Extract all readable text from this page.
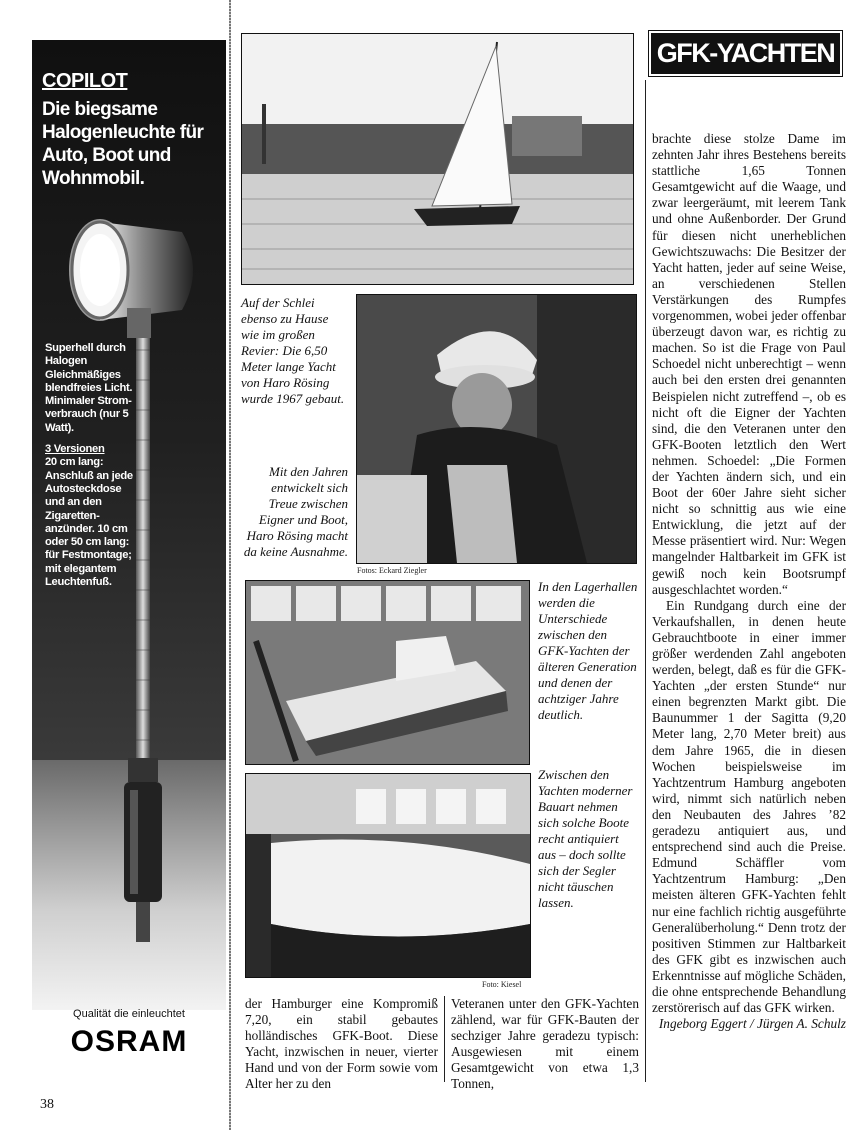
COPILOT
Die biegsame Halogenleuchte für Auto, Boot und Wohnmobil.
Superhell durch Halogen Gleichmäßiges blendfreies Licht. Minimaler Strom-verbrauch (nur 5 Watt).
3 Versionen
20 cm lang: Anschluß an jede Autosteckdose und an den Zigaretten-anzünder. 10 cm oder 50 cm lang: für Festmontage; mit elegantem Leuchtenfuß.
Qualität die einleuchtet
OSRAM
Auf der Schlei ebenso zu Hause wie im großen Revier: Die 6,50 Meter lange Yacht von Haro Rösing wurde 1967 gebaut.
Mit den Jahren entwickelt sich Treue zwischen Eigner und Boot, Haro Rösing macht da keine Ausnahme.
Fotos: Eckard Ziegler
In den Lagerhallen werden die Unterschiede zwischen den GFK-Yachten der älteren Generation und denen der achtziger Jahre deutlich.
Zwischen den Yachten moderner Bauart nehmen sich solche Boote recht antiquiert aus – doch sollte sich der Segler nicht täuschen lassen.
Foto: Kiesel
GFK-YACHTEN

der Hamburger eine Kompromiß 7,20, ein stabil gebautes holländisches GFK-Boot. Diese Yacht, inzwischen in neuer, vierter Hand und von der Form sowie vom Alter her zu den

Veteranen unter den GFK-Yachten zählend, war für GFK-Bauten der sechziger Jahre geradezu typisch: Ausgewiesen mit einem Gesamtgewicht von etwa 1,3 Tonnen,

brachte diese stolze Dame im zehnten Jahr ihres Bestehens bereits stattliche 1,65 Tonnen Gesamtgewicht auf die Waage, und zwar leergeräumt, mit leerem Tank und ohne Außenborder. Der Grund für diesen nicht unerheblichen Gewichtszuwachs: Die Besitzer der Yacht hatten, jeder auf seine Weise, an verschiedenen Stellen Verstärkungen des Rumpfes vorgenommen, wobei jeder offenbar überzeugt davon war, es richtig zu machen. So ist die Frage von Paul Schoedel nicht unberechtigt – wenn auch bei den ersten drei genannten Beispielen nicht zutreffend –, ob es nicht oft die Eigner der Yachten sind, die den Veteranen unter den GFK-Booten letztlich den Wert nehmen. Schoedel: „Die Formen der Yachten ändern sich, und ein Boot der 60er Jahre sieht sicher nicht so schnittig aus wie eine Entwicklung, die jetzt auf der Messe präsentiert wird. Nur: Wegen mangelnder Haltbarkeit im GFK ist gewiß noch kein Bootsrumpf ausgeschlachtet worden.“

Ein Rundgang durch eine der Verkaufshallen, in denen heute Gebrauchtboote in einer immer größer werdenden Zahl angeboten werden, belegt, daß es für die GFK-Yachten „der ersten Stunde“ nur einen begrenzten Markt gibt. Die Baunummer 1 der Sagitta (9,20 Meter lang, 2,70 Meter breit) aus dem Jahre 1965, die in diesen Wochen beispielsweise im Yachtzentrum Hamburg angeboten wird, nimmt sich natürlich neben den Neubauten des Jahres ’82 geradezu antiquiert aus, und entsprechend sind auch die Preise. Edmund Schäffler vom Yachtzentrum Hamburg: „Den meisten älteren GFK-Yachten fehlt nur eine fachlich richtig ausgeführte Generalüberholung.“ Denn trotz der positiven Stimmen zur Haltbarkeit des GFK gibt es inzwischen auch Erkenntnisse auf mögliche Schäden, die ohne entsprechende Behandlung zerstörerisch auf das GFK wirken.

Ingeborg Eggert / Jürgen A. Schulz
38
